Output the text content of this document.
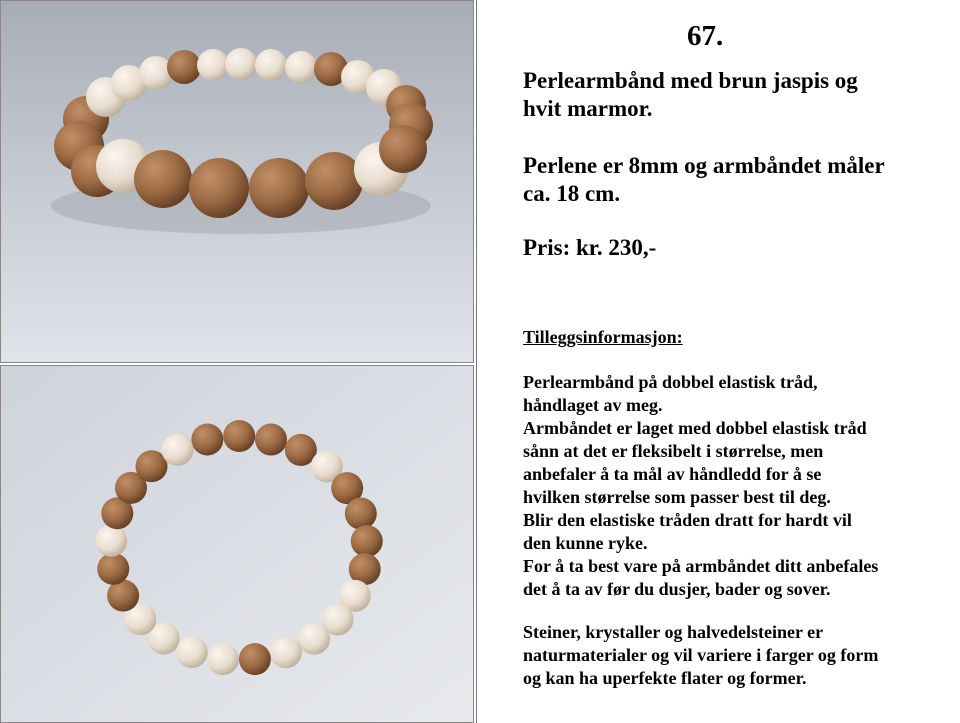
67.

Perlearmbånd med brun jaspis og
hvit marmor.

Perlene er 8mm og armbåndet måler
ca. 18 cm.

Pris: kr. 230,-

Tilleggsinformasjon:

Perlearmbånd på dobbel elastisk tråd,
håndlaget av meg.
Armbåndet er laget med dobbel elastisk tråd
sånn at det er fleksibelt i størrelse, men
anbefaler å ta mål av håndledd for å se
hvilken størrelse som passer best til deg.
Blir den elastiske tråden dratt for hardt vil
den kunne ryke.
For å ta best vare på armbåndet ditt anbefales
det å ta av før du dusjer, bader og sover.

Steiner, krystaller og halvedelsteiner er
naturmaterialer og vil variere i farger og form
og kan ha uperfekte flater og former.
